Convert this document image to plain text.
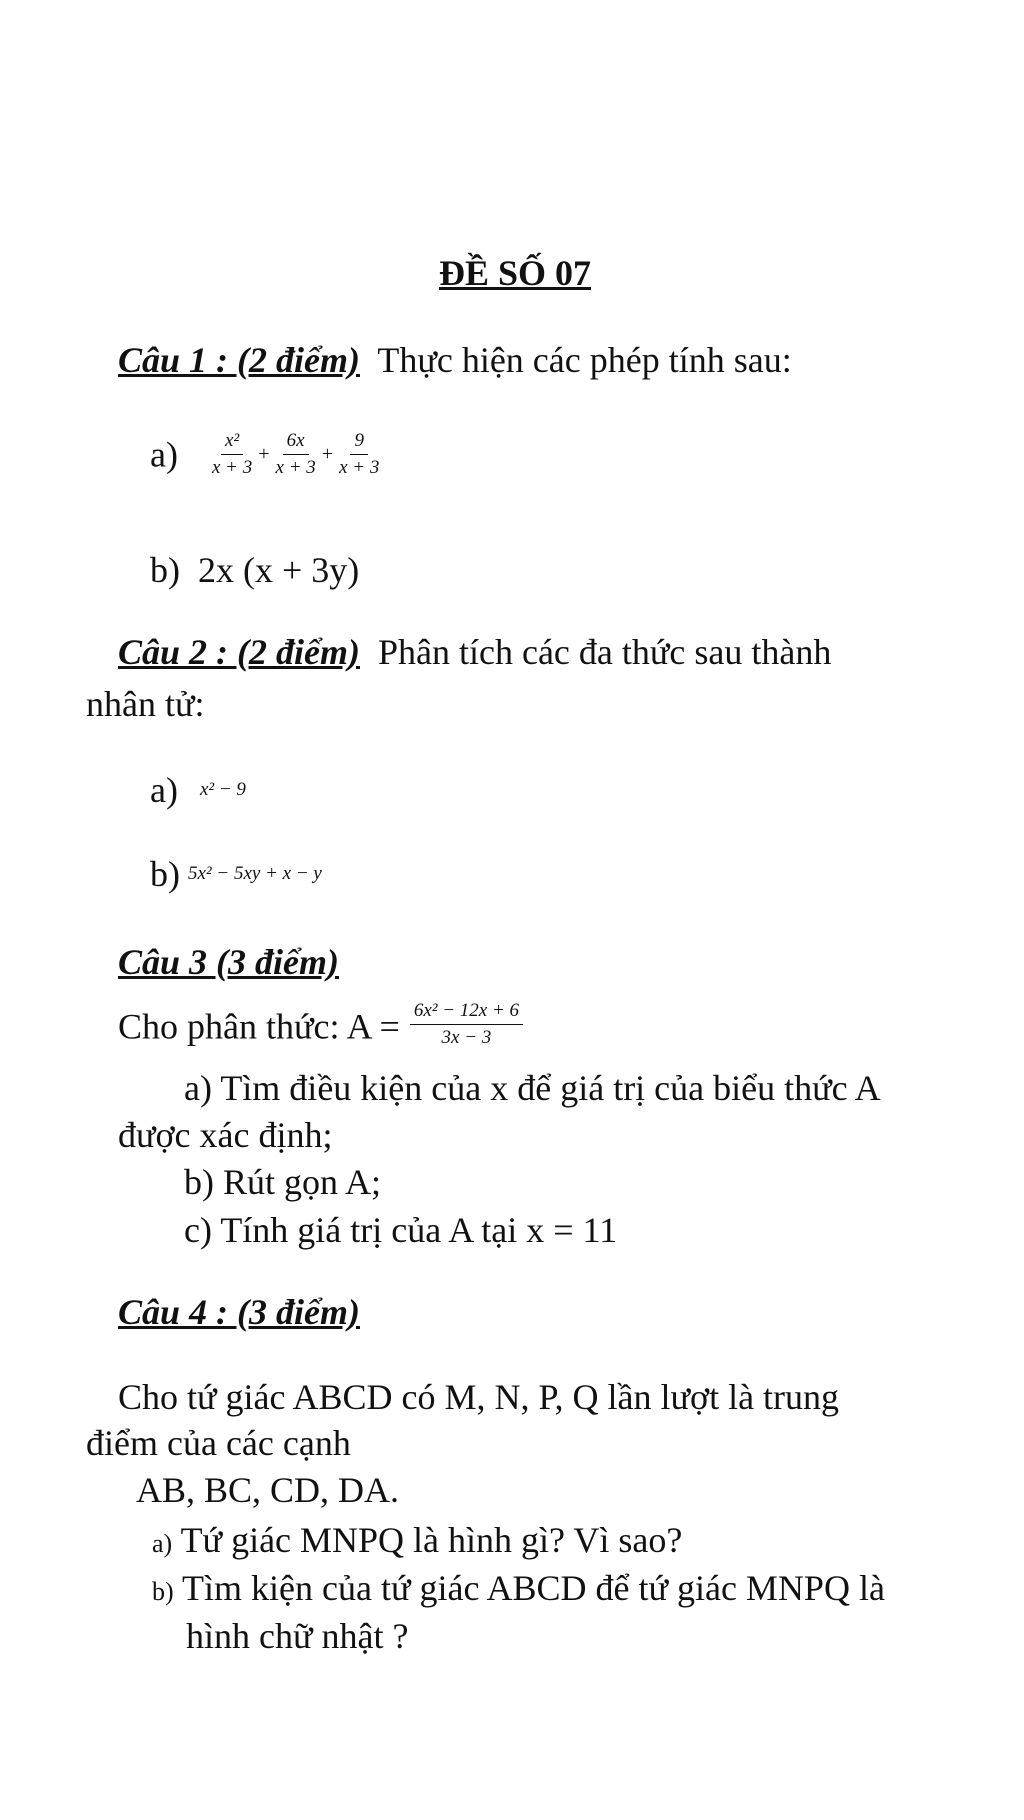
ĐỀ SỐ 07
Câu 1 : (2 điểm) Thực hiện các phép tính sau:
$a) \frac{\text{x²}}{x + 3} + \frac{6x}{x + 3} + \frac{9}{x + 3}$
b) 2x (x + 3y)
Câu 2 : (2 điểm) Phân tích các đa thức sau thành
nhân tử:
a) x² − 9
b) 5x² − 5xy + x − y
Câu 3 (3 điểm)
Cho phân thức: $A = \frac{\text{6x² − 12x + 6}}{3x - 3}$
a) Tìm điều kiện của x để giá trị của biểu thức A
được xác định;
b) Rút gọn A;
c) Tính giá trị của A tại x = 11
Câu 4 : (3 điểm)
Cho tứ giác ABCD có M, N, P, Q lần lượt là trung
điểm của các cạnh
AB, BC, CD, DA.
a) Tứ giác MNPQ là hình gì? Vì sao?
b) Tìm kiện của tứ giác ABCD để tứ giác MNPQ là
hình chữ nhật ?
